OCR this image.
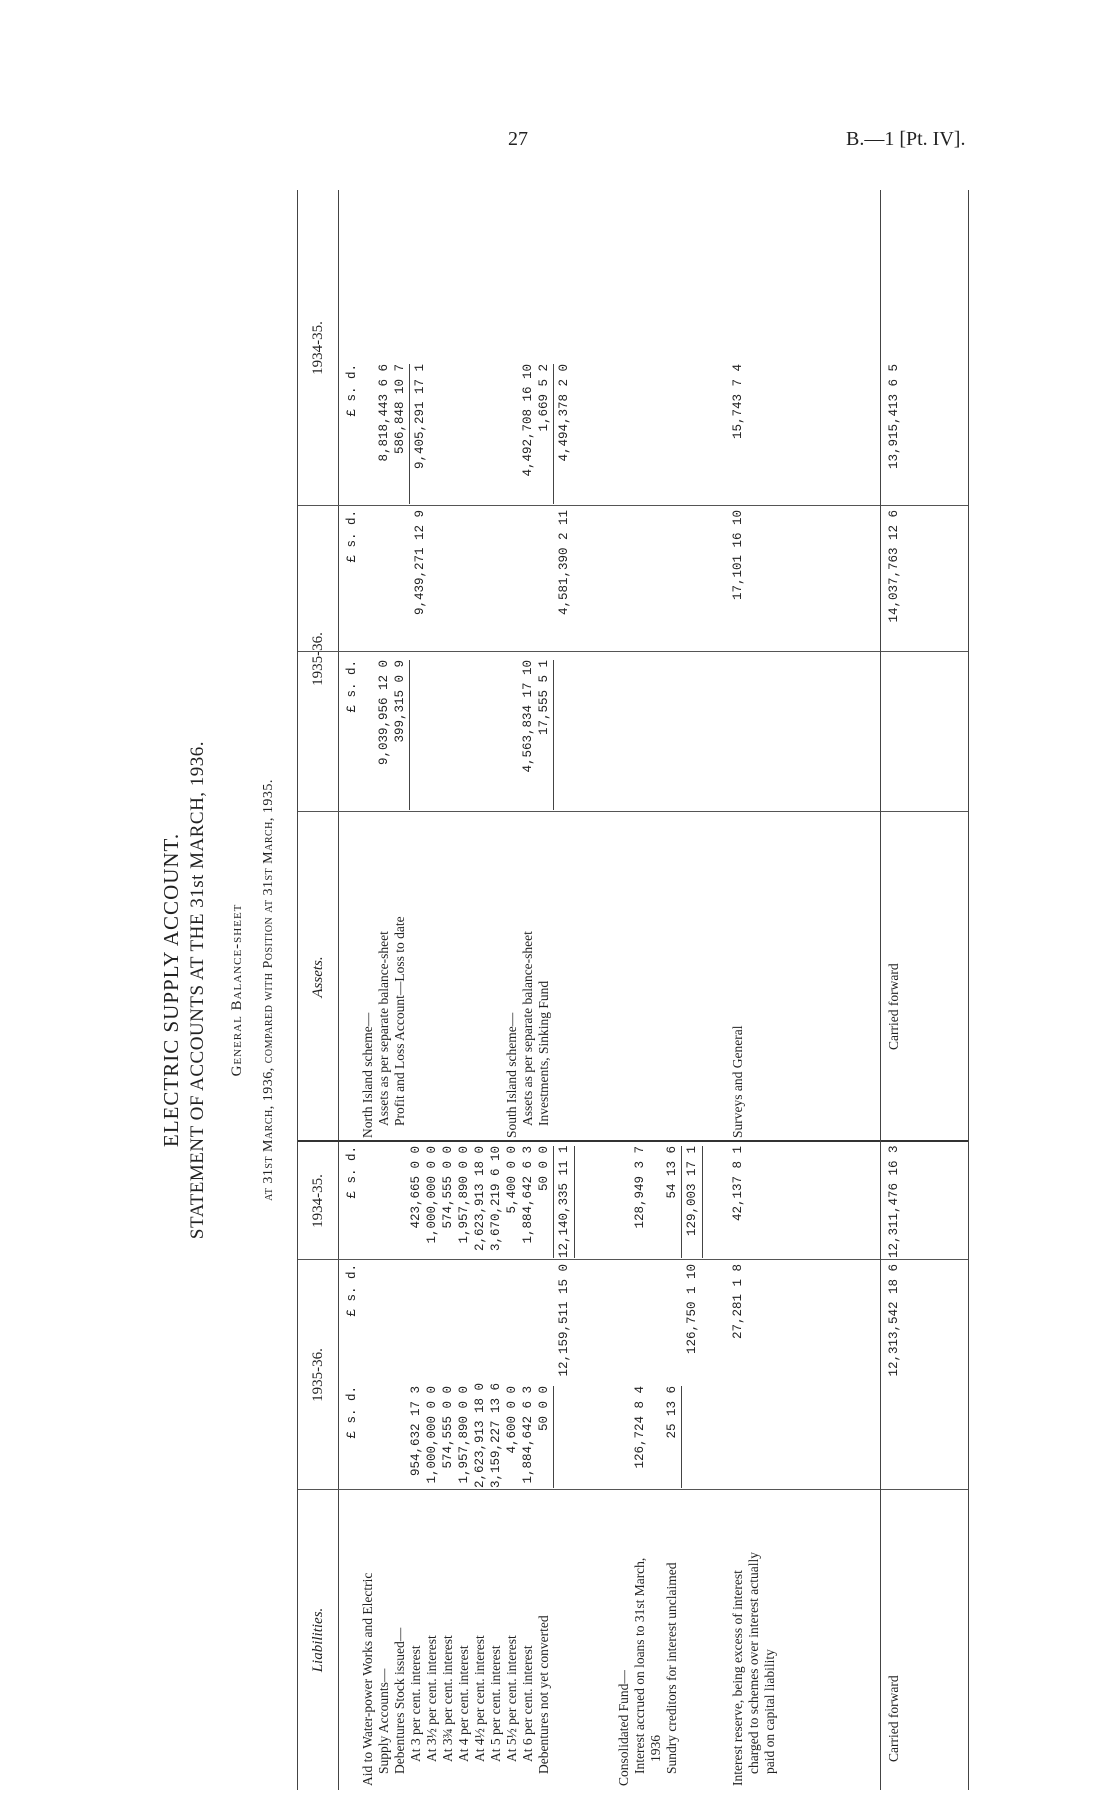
27	B.—1 [Pt. IV].
ELECTRIC SUPPLY ACCOUNT. STATEMENT OF ACCOUNTS AT THE 31st MARCH, 1936. General Balance-sheet at 31st March, 1936, compared with Position at 31st March, 1935.
Liabilities.
1935-36.
1934-35.
Assets.
1935-36.
1934-35.
£ s. d.
£ s. d.
£ s. d.
£ s. d.
£ s. d.
£ s. d.
Aid to Water-power Works and Electric Supply Accounts— Debentures Stock issued— At 3 per cent. interest
954,632 17 3
423,665 0 0
At 3½ per cent. interest
1,000,000 0 0
1,000,000 0 0
At 3¾ per cent. interest
574,555 0 0
574,555 0 0
At 4 per cent. interest
1,957,890 0 0
1,957,890 0 0
At 4½ per cent. interest
2,623,913 18 0
2,623,913 18 0
At 5 per cent. interest
3,159,227 13 6
3,670,219 6 10
At 5½ per cent. interest
4,600 0 0
5,400 0 0
At 6 per cent. interest
1,884,642 6 3
1,884,642 6 3
Debentures not yet converted
50 0 0
50 0 0
12,159,511 15 0
12,140,335 11 1
Consolidated Fund— Interest accrued on loans to 31st March, 1936
126,724 8 4
128,949 3 7
Sundry creditors for interest unclaimed
25 13 6
54 13 6
126,750 1 10
129,003 17 1
Interest reserve, being excess of interest charged to schemes over interest actually paid on capital liability
27,281 1 8
42,137 8 1
Carried forward
12,313,542 18 6
12,311,476 16 3
North Island scheme— Assets as per separate balance-sheet
9,039,956 12 0
8,818,443 6 6
Profit and Loss Account—Loss to date
399,315 0 9
586,848 10 7
9,439,271 12 9
9,405,291 17 1
South Island scheme— Assets as per separate balance-sheet
4,563,834 17 10
4,492,708 16 10
Investments, Sinking Fund
17,555 5 1
1,669 5 2
4,581,390 2 11
4,494,378 2 0
Surveys and General
17,101 16 10
15,743 7 4
Carried forward
14,037,763 12 6
13,915,413 6 5
